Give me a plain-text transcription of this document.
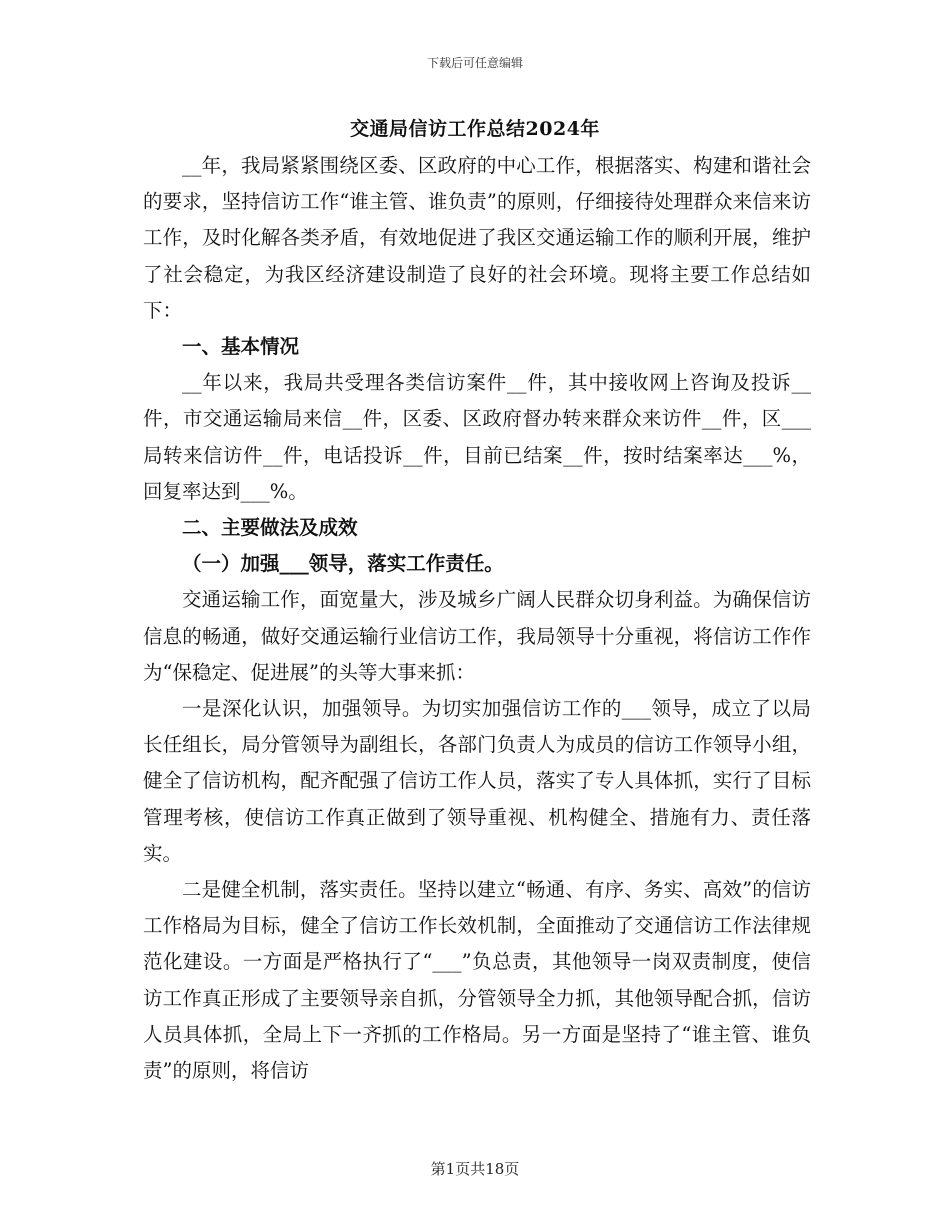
下载后可任意编辑
交通局信访工作总结2024年

__年，我局紧紧围绕区委、区政府的中心工作，根据落实、构建和谐社会的要求，坚持信访工作“谁主管、谁负责”的原则，仔细接待处理群众来信来访工作，及时化解各类矛盾，有效地促进了我区交通运输工作的顺利开展，维护了社会稳定，为我区经济建设制造了良好的社会环境。现将主要工作总结如下：

一、基本情况

__年以来，我局共受理各类信访案件__件，其中接收网上咨询及投诉__件，市交通运输局来信__件，区委、区政府督办转来群众来访件__件，区___局转来信访件__件，电话投诉__件，目前已结案__件，按时结案率达___%，回复率达到___%。

二、主要做法及成效

（一）加强___领导，落实工作责任。

交通运输工作，面宽量大，涉及城乡广阔人民群众切身利益。为确保信访信息的畅通，做好交通运输行业信访工作，我局领导十分重视，将信访工作作为“保稳定、促进展”的头等大事来抓：

一是深化认识，加强领导。为切实加强信访工作的___领导，成立了以局长任组长，局分管领导为副组长，各部门负责人为成员的信访工作领导小组，健全了信访机构，配齐配强了信访工作人员，落实了专人具体抓，实行了目标管理考核，使信访工作真正做到了领导重视、机构健全、措施有力、责任落实。

二是健全机制，落实责任。坚持以建立“畅通、有序、务实、高效”的信访工作格局为目标，健全了信访工作长效机制，全面推动了交通信访工作法律规范化建设。一方面是严格执行了“___”负总责，其他领导一岗双责制度，使信访工作真正形成了主要领导亲自抓，分管领导全力抓，其他领导配合抓，信访人员具体抓，全局上下一齐抓的工作格局。另一方面是坚持了“谁主管、谁负责”的原则，将信访

第1页共18页
